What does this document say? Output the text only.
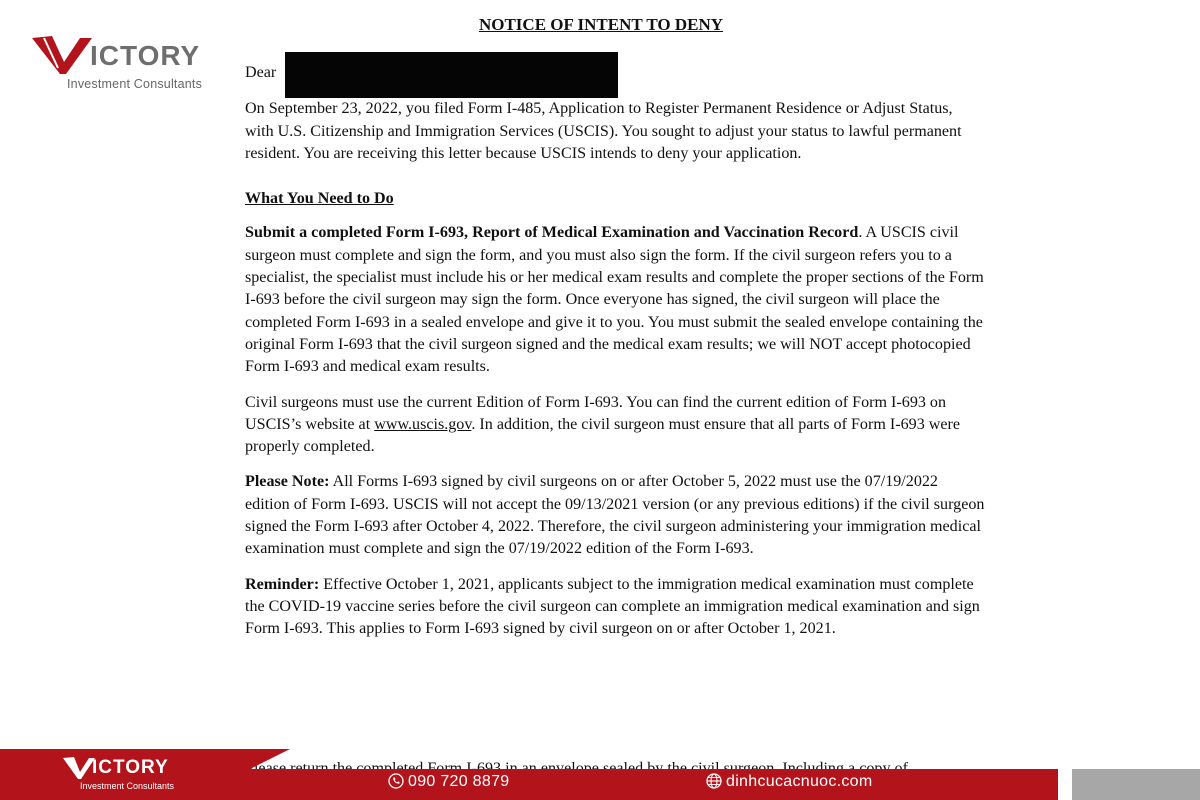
ICTORY
Investment Consultants
NOTICE OF INTENT TO DENY
Dear

On September 23, 2022, you filed Form I-485, Application to Register Permanent Residence or Adjust Status, with U.S. Citizenship and Immigration Services (USCIS). You sought to adjust your status to lawful permanent resident. You are receiving this letter because USCIS intends to deny your application.

What You Need to Do

Submit a completed Form I-693, Report of Medical Examination and Vaccination Record. A USCIS civil surgeon must complete and sign the form, and you must also sign the form. If the civil surgeon refers you to a specialist, the specialist must include his or her medical exam results and complete the proper sections of the Form I-693 before the civil surgeon may sign the form. Once everyone has signed, the civil surgeon will place the completed Form I-693 in a sealed envelope and give it to you. You must submit the sealed envelope containing the original Form I-693 that the civil surgeon signed and the medical exam results; we will NOT accept photocopied Form I-693 and medical exam results.

Civil surgeons must use the current Edition of Form I-693. You can find the current edition of Form I-693 on USCIS’s website at www.uscis.gov. In addition, the civil surgeon must ensure that all parts of Form I-693 were properly completed.

Please Note: All Forms I-693 signed by civil surgeons on or after October 5, 2022 must use the 07/19/2022 edition of Form I-693. USCIS will not accept the 09/13/2021 version (or any previous editions) if the civil surgeon signed the Form I-693 after October 4, 2022. Therefore, the civil surgeon administering your immigration medical examination must complete and sign the 07/19/2022 edition of the Form I-693.

Reminder: Effective October 1, 2021, applicants subject to the immigration medical examination must complete the COVID-19 vaccine series before the civil surgeon can complete an immigration medical examination and sign Form I-693. This applies to Form I-693 signed by civil surgeon on or after October 1, 2021.

ICTORY
Investment Consultants	090 720 8879	dinhcucacnuoc.com
